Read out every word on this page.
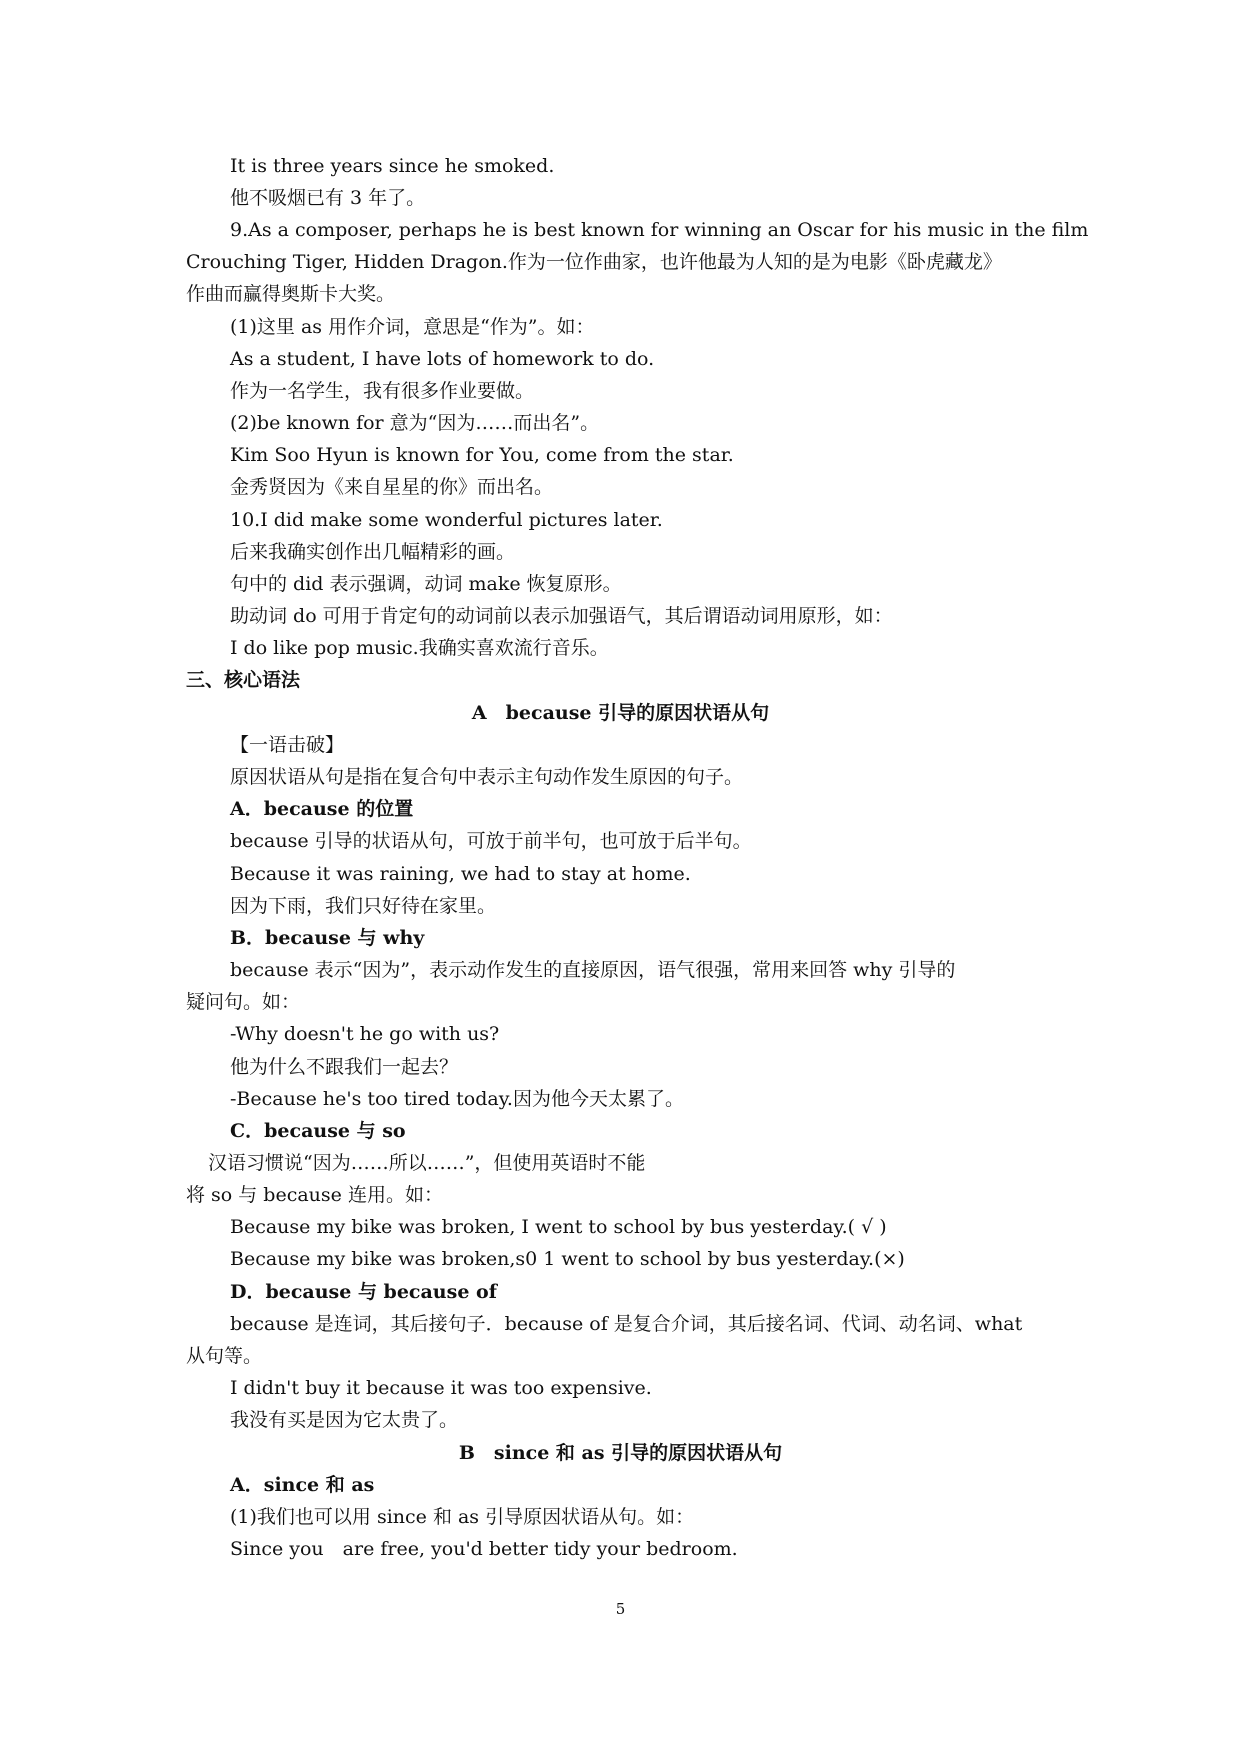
It is three years since he smoked.
他不吸烟已有 3 年了。
9.As a composer, perhaps he is best known for winning an Oscar for his music in the film
Crouching Tiger, Hidden Dragon.作为一位作曲家，也许他最为人知的是为电影《卧虎藏龙》
作曲而赢得奥斯卡大奖。
(1)这里 as 用作介词，意思是“作为”。如：
As a student, I have lots of homework to do.
作为一名学生，我有很多作业要做。
(2)be known for 意为“因为……而出名”。
Kim Soo Hyun is known for You, come from the star.
金秀贤因为《来自星星的你》而出名。
10.I did make some wonderful pictures later.
后来我确实创作出几幅精彩的画。
句中的 did 表示强调，动词 make 恢复原形。
助动词 do 可用于肯定句的动词前以表示加强语气，其后谓语动词用原形，如：
I do like pop music.我确实喜欢流行音乐。
三、核心语法
A　because 引导的原因状语从句
【一语击破】
原因状语从句是指在复合句中表示主句动作发生原因的句子。
A．because 的位置
because 引导的状语从句，可放于前半句，也可放于后半句。
Because it was raining, we had to stay at home.
因为下雨，我们只好待在家里。
B．because 与 why
because 表示“因为”，表示动作发生的直接原因，语气很强，常用来回答 why 引导的
疑问句。如：
-Why doesn't he go with us?
他为什么不跟我们一起去？
-Because he's too tired today.因为他今天太累了。
C．because 与 so
汉语习惯说“因为……所以……”，但使用英语时不能
将 so 与 because 连用。如：
Because my bike was broken, I went to school by bus yesterday.( √ )
Because my bike was broken,s0 1 went to school by bus yesterday.(×)
D．because 与 because of
because 是连词，其后接句子．because of 是复合介词，其后接名词、代词、动名词、what
从句等。
I didn't buy it because it was too expensive.
我没有买是因为它太贵了。
B　since 和 as 引导的原因状语从句
A．since 和 as
(1)我们也可以用 since 和 as 引导原因状语从句。如：
Since you　are free, you'd better tidy your bedroom.
5
